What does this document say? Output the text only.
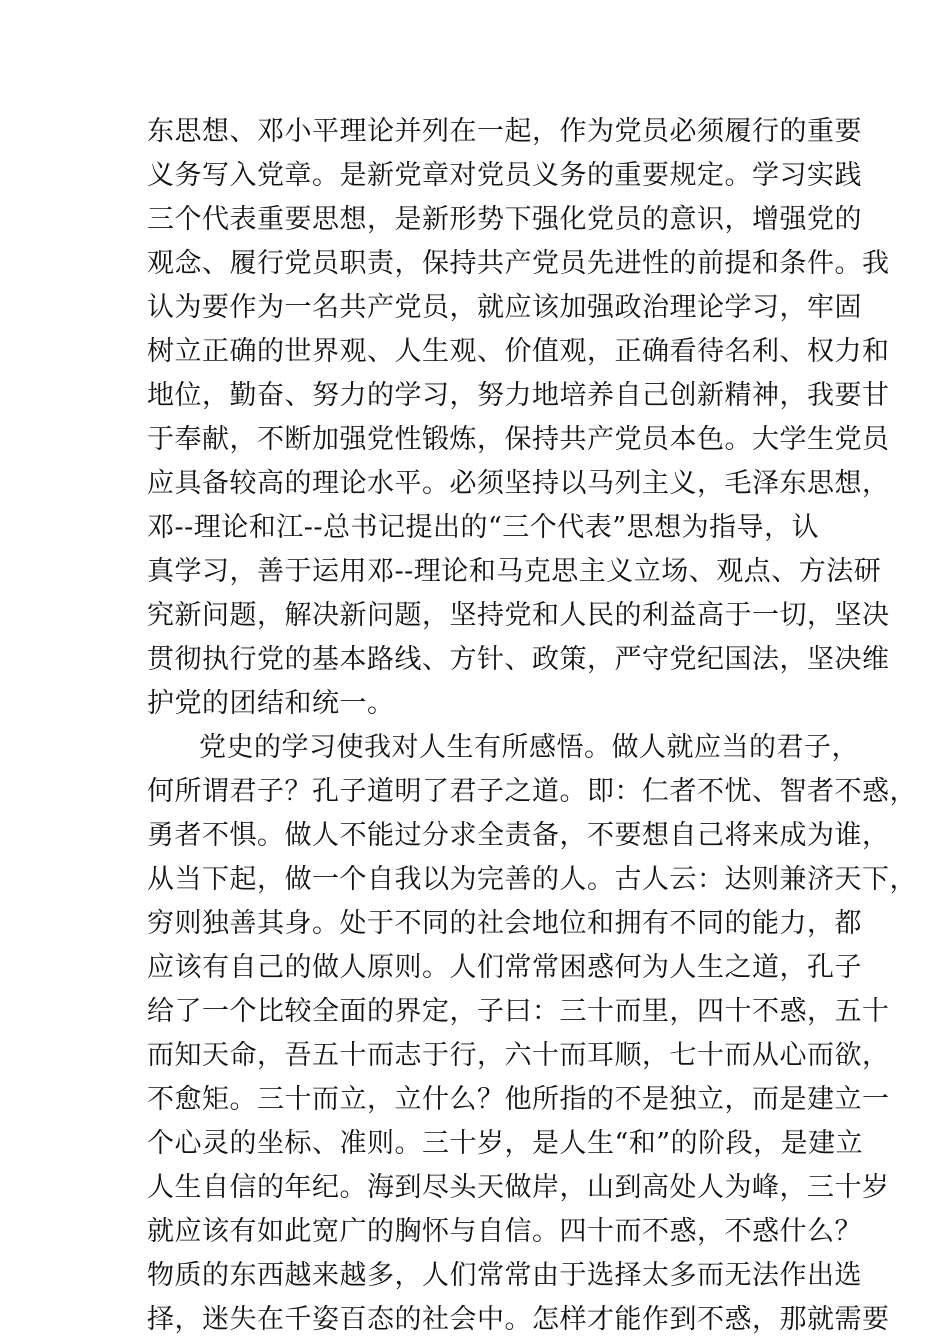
东思想、邓小平理论并列在一起，作为党员必须履行的重要
义务写入党章。是新党章对党员义务的重要规定。学习实践
三个代表重要思想，是新形势下强化党员的意识，增强党的
观念、履行党员职责，保持共产党员先进性的前提和条件。我
认为要作为一名共产党员，就应该加强政治理论学习，牢固
树立正确的世界观、人生观、价值观，正确看待名利、权力和
地位，勤奋、努力的学习，努力地培养自己创新精神，我要甘
于奉献，不断加强党性锻炼，保持共产党员本色。大学生党员
应具备较高的理论水平。必须坚持以马列主义，毛泽东思想，
邓--理论和江--总书记提出的“三个代表”思想为指导，认
真学习，善于运用邓--理论和马克思主义立场、观点、方法研
究新问题，解决新问题，坚持党和人民的利益高于一切，坚决
贯彻执行党的基本路线、方针、政策，严守党纪国法，坚决维
护党的团结和统一。
党史的学习使我对人生有所感悟。做人就应当的君子，
何所谓君子？孔子道明了君子之道。即：仁者不忧、智者不惑，
勇者不惧。做人不能过分求全责备，不要想自己将来成为谁，
从当下起，做一个自我以为完善的人。古人云：达则兼济天下，
穷则独善其身。处于不同的社会地位和拥有不同的能力，都
应该有自己的做人原则。人们常常困惑何为人生之道，孔子
给了一个比较全面的界定，子曰：三十而里，四十不惑，五十
而知天命，吾五十而志于行，六十而耳顺，七十而从心而欲，
不愈矩。三十而立，立什么？他所指的不是独立，而是建立一
个心灵的坐标、准则。三十岁，是人生“和”的阶段，是建立
人生自信的年纪。海到尽头天做岸，山到高处人为峰，三十岁
就应该有如此宽广的胸怀与自信。四十而不惑，不惑什么？
物质的东西越来越多，人们常常由于选择太多而无法作出选
择，迷失在千姿百态的社会中。怎样才能作到不惑，那就需要
